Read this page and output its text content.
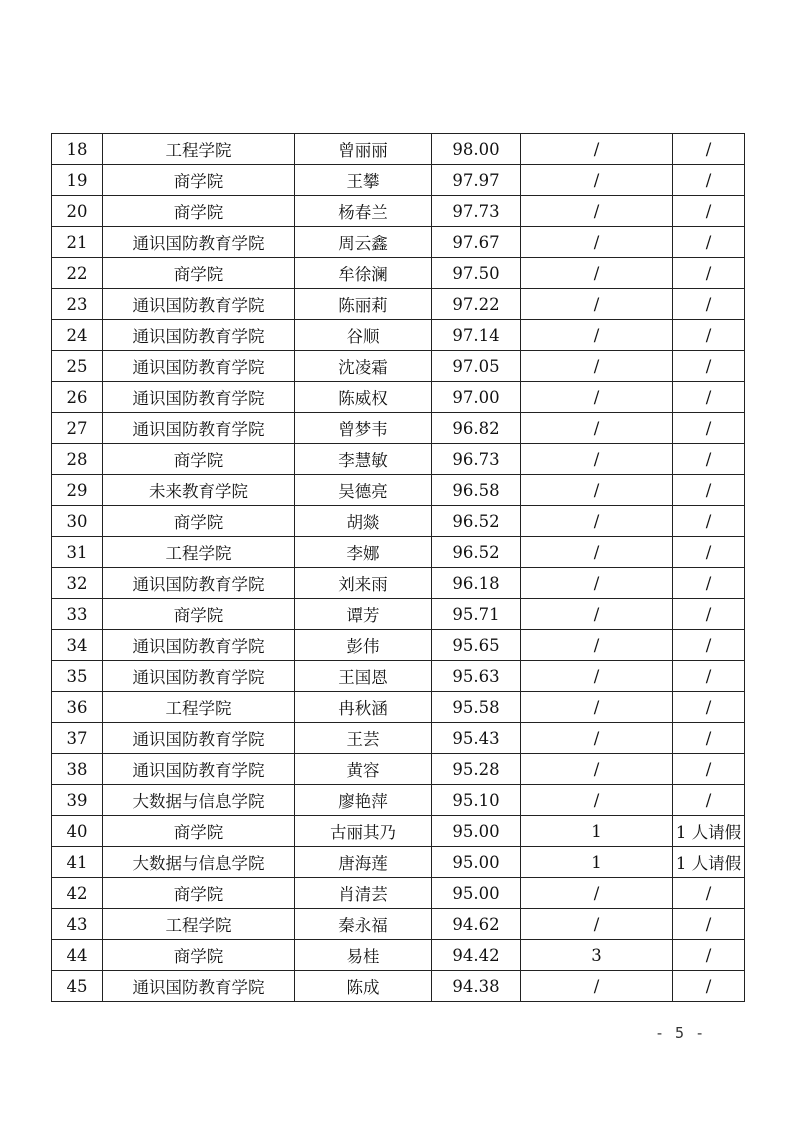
18	工程学院	曾丽丽	98.00	/	/
19	商学院	王攀	97.97	/	/
20	商学院	杨春兰	97.73	/	/
21	通识国防教育学院	周云鑫	97.67	/	/
22	商学院	牟徐澜	97.50	/	/
23	通识国防教育学院	陈丽莉	97.22	/	/
24	通识国防教育学院	谷顺	97.14	/	/
25	通识国防教育学院	沈凌霜	97.05	/	/
26	通识国防教育学院	陈威权	97.00	/	/
27	通识国防教育学院	曾梦韦	96.82	/	/
28	商学院	李慧敏	96.73	/	/
29	未来教育学院	吴德亮	96.58	/	/
30	商学院	胡燚	96.52	/	/
31	工程学院	李娜	96.52	/	/
32	通识国防教育学院	刘来雨	96.18	/	/
33	商学院	谭芳	95.71	/	/
34	通识国防教育学院	彭伟	95.65	/	/
35	通识国防教育学院	王国恩	95.63	/	/
36	工程学院	冉秋涵	95.58	/	/
37	通识国防教育学院	王芸	95.43	/	/
38	通识国防教育学院	黄容	95.28	/	/
39	大数据与信息学院	廖艳萍	95.10	/	/
40	商学院	古丽其乃	95.00	1	1 人请假
41	大数据与信息学院	唐海莲	95.00	1	1 人请假
42	商学院	肖清芸	95.00	/	/
43	工程学院	秦永福	94.62	/	/
44	商学院	易桂	94.42	3	/
45	通识国防教育学院	陈成	94.38	/	/
- 5 -
